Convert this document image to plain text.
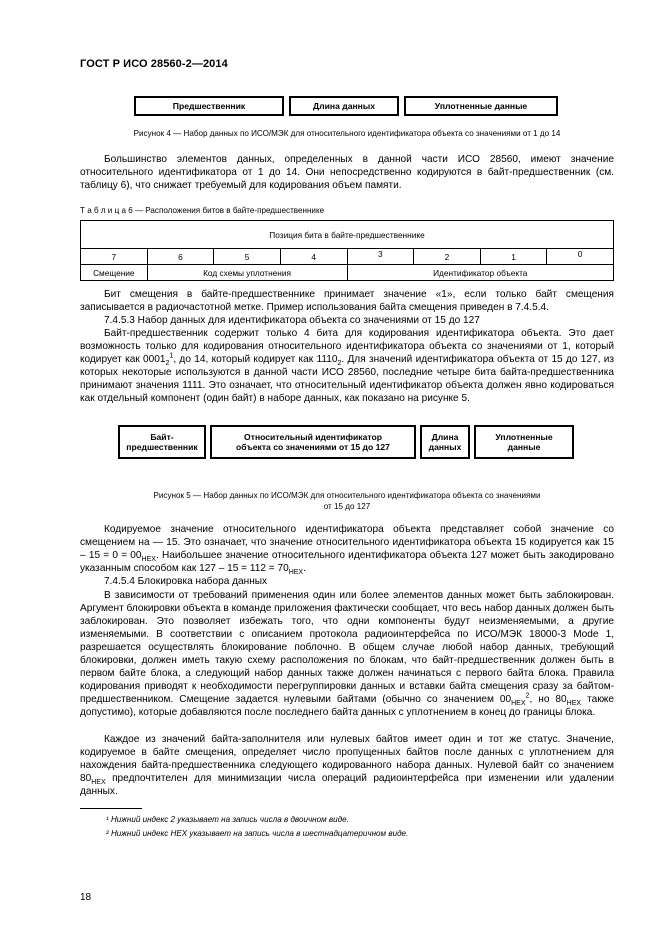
ГОСТ Р ИСО 28560-2—2014
Предшественник	Длина данных	Уплотненные данные
Рисунок 4 — Набор данных по ИСО/МЭК для относительного идентификатора объекта со значениями от 1 до 14
Большинство элементов данных, определенных в данной части ИСО 28560, имеют значение относительного идентификатора от 1 до 14. Они непосредственно кодируются в байт-предшественник (см. таблицу 6), что снижает требуемый для кодирования объем памяти.
Т а б л и ц а 6 — Расположения битов в байте-предшественнике
Позиция бита в байте-предшественнике							
7	6	5	4	3	2	1	0
Смещение	Код схемы уплотнения			Идентификатор объекта			
Бит смещения в байте-предшественнике принимает значение «1», если только байт смещения записывается в радиочастотной метке. Пример использования байта смещения приведен в 7.4.5.4.
7.4.5.3 Набор данных для идентификатора объекта со значениями от 15 до 127
Байт-предшественник содержит только 4 бита для кодирования идентификатора объекта. Это дает возможность только для кодирования относительного идентификатора объекта со значениями от 1, который кодирует как $0001_2^1$, до 14, который кодирует как $1110_2$. Для значений идентификатора объекта от 15 до 127, из которых некоторые используются в данной части ИСО 28560, последние четыре бита байта-предшественника принимают значения 1111. Это означает, что относительный идентификатор объекта должен явно кодироваться как отдельный компонент (один байт) в наборе данных, как показано на рисунке 5.
Байт-предшественник
Относительный идентификатор объекта со значениями от 15 до 127
Длина данных
Уплотненные данные
Рисунок 5 — Набор данных по ИСО/МЭК для относительного идентификатора объекта со значениями
от 15 до 127
Кодируемое значение относительного идентификатора объекта представляет собой значение со смещением на — 15. Это означает, что значение относительного идентификатора объекта 15 кодируется как $15 - 15 = 0 = 00_{HEX}$. Наибольшее значение относительного идентификатора объекта 127 может быть закодировано указанным способом как $127 - 15 = 112 = 70_{HEX}$.
7.4.5.4 Блокировка набора данных
В зависимости от требований применения один или более элементов данных может быть заблокирован. Аргумент блокировки объекта в команде приложения фактически сообщает, что весь набор данных должен быть заблокирован. Это позволяет избежать того, что одни компоненты будут неизменяемыми, а другие изменяемыми. В соответствии с описанием протокола радиоинтерфейса по ИСО/МЭК 18000-3 Mode 1, разрешается осуществлять блокирование поблочно. В общем случае любой набор данных, требующий блокировки, должен иметь такую схему расположения по блокам, что байт-предшественник должен быть в первом байте блока, а следующий набор данных также должен начинаться с первого байта блока. Правила кодирования приводят к необходимости перегруппировки данных и вставки байта смещения сразу за байтом-предшественником. Смещение задается нулевыми байтами (обычно со значением $00_{HEX}^2$, но $80_{HEX}$ также допустимо), которые добавляются после последнего байта данных с уплотнением в конец до границы блока.
Каждое из значений байта-заполнителя или нулевых байтов имеет один и тот же статус. Значение, кодируемое в байте смещения, определяет число пропущенных байтов после данных с уплотнением для нахождения байта-предшественника следующего кодированного набора данных. Нулевой байт со значением $80_{HEX}$ предпочтителен для минимизации числа операций радиоинтерфейса при изменении или удалении данных.
¹ Нижний индекс 2 указывает на запись числа в двоичном виде.
² Нижний индекс HEX указывает на запись числа в шестнадцатеричном виде.
18
